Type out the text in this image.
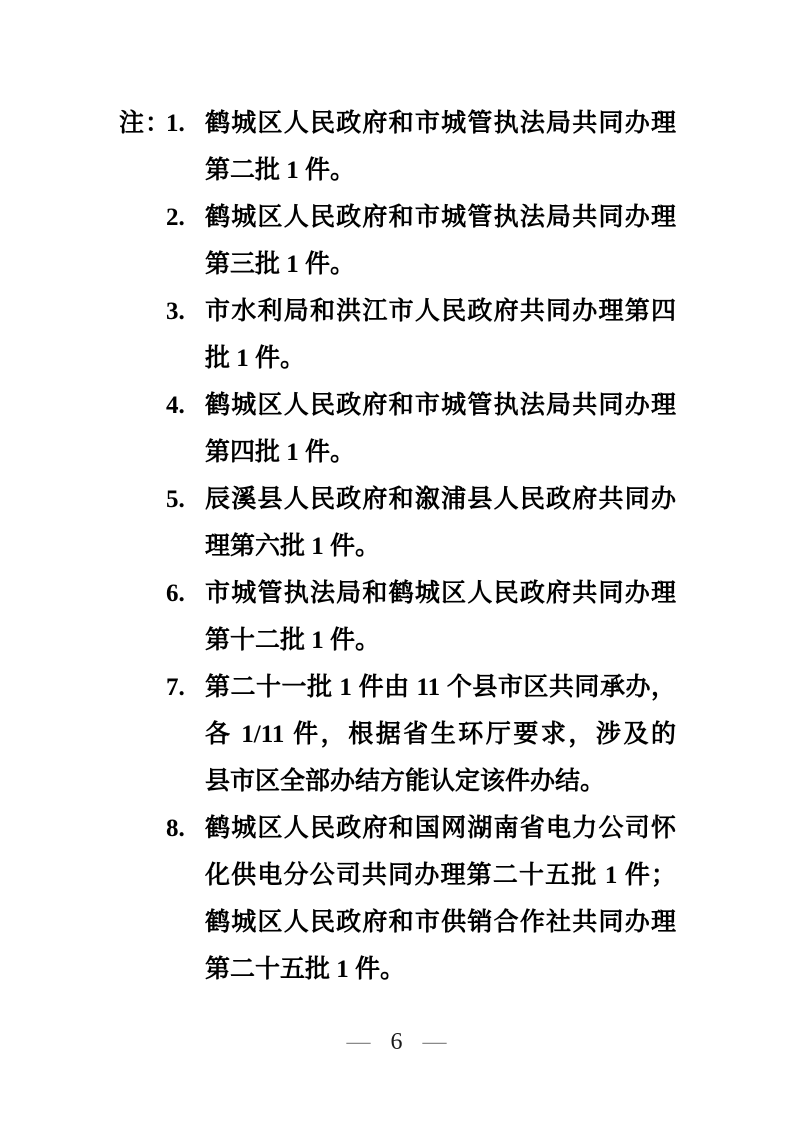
注：
1. 鹤城区人民政府和市城管执法局共同办理
第二批 1 件。
2. 鹤城区人民政府和市城管执法局共同办理
第三批 1 件。
3. 市水利局和洪江市人民政府共同办理第四
批 1 件。
4. 鹤城区人民政府和市城管执法局共同办理
第四批 1 件。
5. 辰溪县人民政府和溆浦县人民政府共同办
理第六批 1 件。
6. 市城管执法局和鹤城区人民政府共同办理
第十二批 1 件。
7. 第二十一批 1 件由 11 个县市区共同承办，
各 1/11 件，根据省生环厅要求，涉及的
县市区全部办结方能认定该件办结。
8. 鹤城区人民政府和国网湖南省电力公司怀
化供电分公司共同办理第二十五批 1 件；
鹤城区人民政府和市供销合作社共同办理
第二十五批 1 件。
— 6 —
